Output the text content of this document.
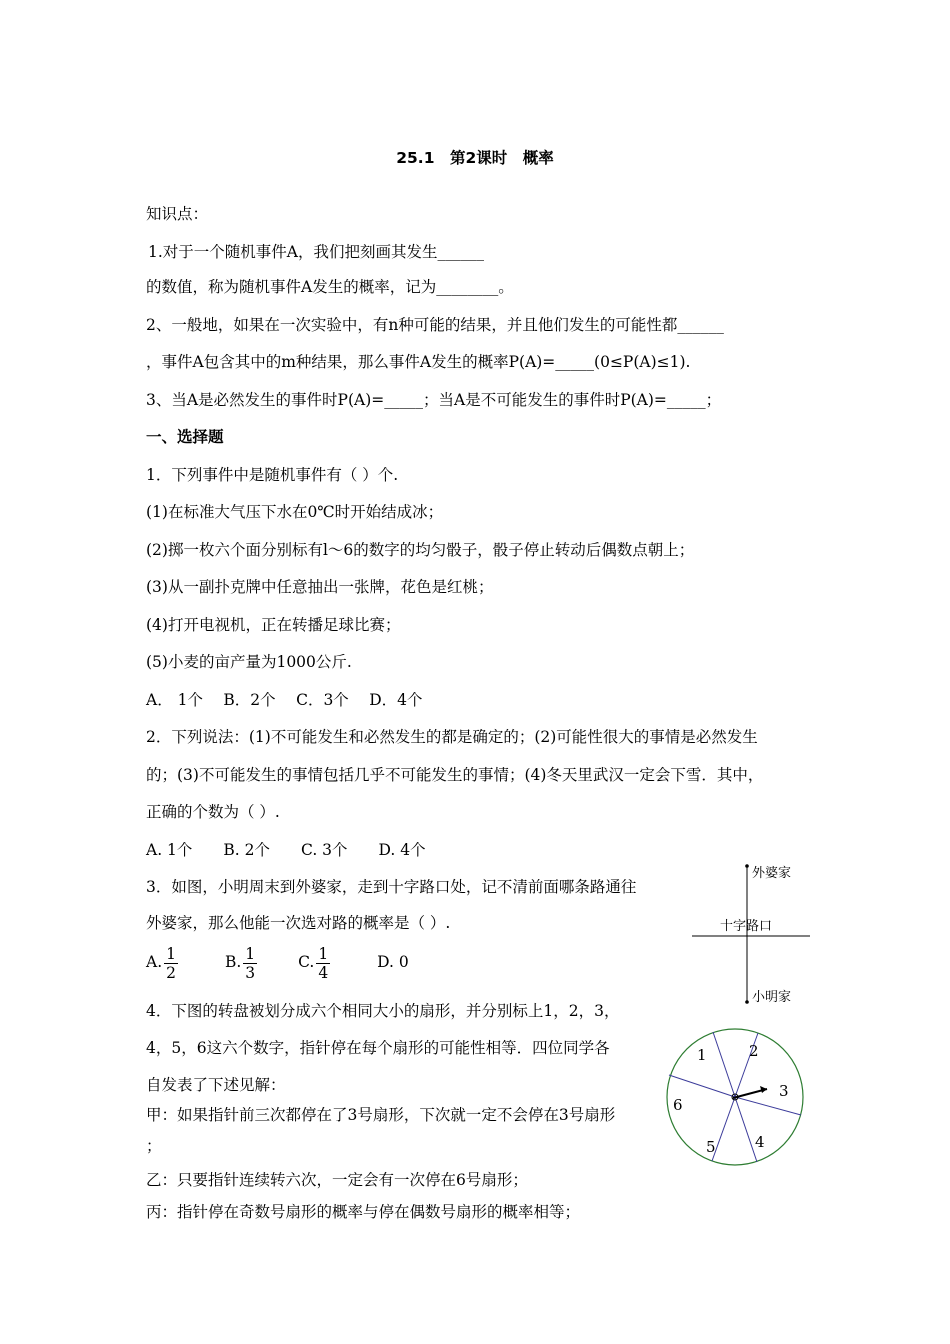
25.1　第2课时　概率
知识点：
1.对于一个随机事件A，我们把刻画其发生______
的数值，称为随机事件A发生的概率，记为________。
2、一般地，如果在一次实验中，有n种可能的结果，并且他们发生的可能性都______
，事件A包含其中的m种结果，那么事件A发生的概率P(A)=_____(0≤P(A)≤1).
3、当A是必然发生的事件时P(A)=_____；当A是不可能发生的事件时P(A)=_____；
一、选择题
1．下列事件中是随机事件有（ ）个.
(1)在标准大气压下水在0℃时开始结成冰；
(2)掷一枚六个面分别标有l～6的数字的均匀骰子，骰子停止转动后偶数点朝上；
(3)从一副扑克牌中任意抽出一张牌，花色是红桃；
(4)打开电视机，正在转播足球比赛；
(5)小麦的亩产量为1000公斤.
A． 1个　 B．2个　 C．3个　 D．4个
2．下列说法：(1)不可能发生和必然发生的都是确定的；(2)可能性很大的事情是必然发生
的；(3)不可能发生的事情包括几乎不可能发生的事情；(4)冬天里武汉一定会下雪．其中，
正确的个数为（ ）.
A. 1个　　B. 2个　　C. 3个　　D. 4个
3．如图，小明周末到外婆家，走到十字路口处，记不清前面哪条路通往
外婆家，那么他能一次选对路的概率是（ ）.
A. $\frac{1}{2}$	B. $\frac{1}{3}$	C. $\frac{1}{4}$	D. 0
外婆家
十字路口
小明家
4．下图的转盘被划分成六个相同大小的扇形，并分别标上1，2，3，
4，5，6这六个数字，指针停在每个扇形的可能性相等．四位同学各
自发表了下述见解：
甲：如果指针前三次都停在了3号扇形，下次就一定不会停在3号扇形
；
乙：只要指针连续转六次，一定会有一次停在6号扇形；
丙：指针停在奇数号扇形的概率与停在偶数号扇形的概率相等；
1	2
3
4
5
6
